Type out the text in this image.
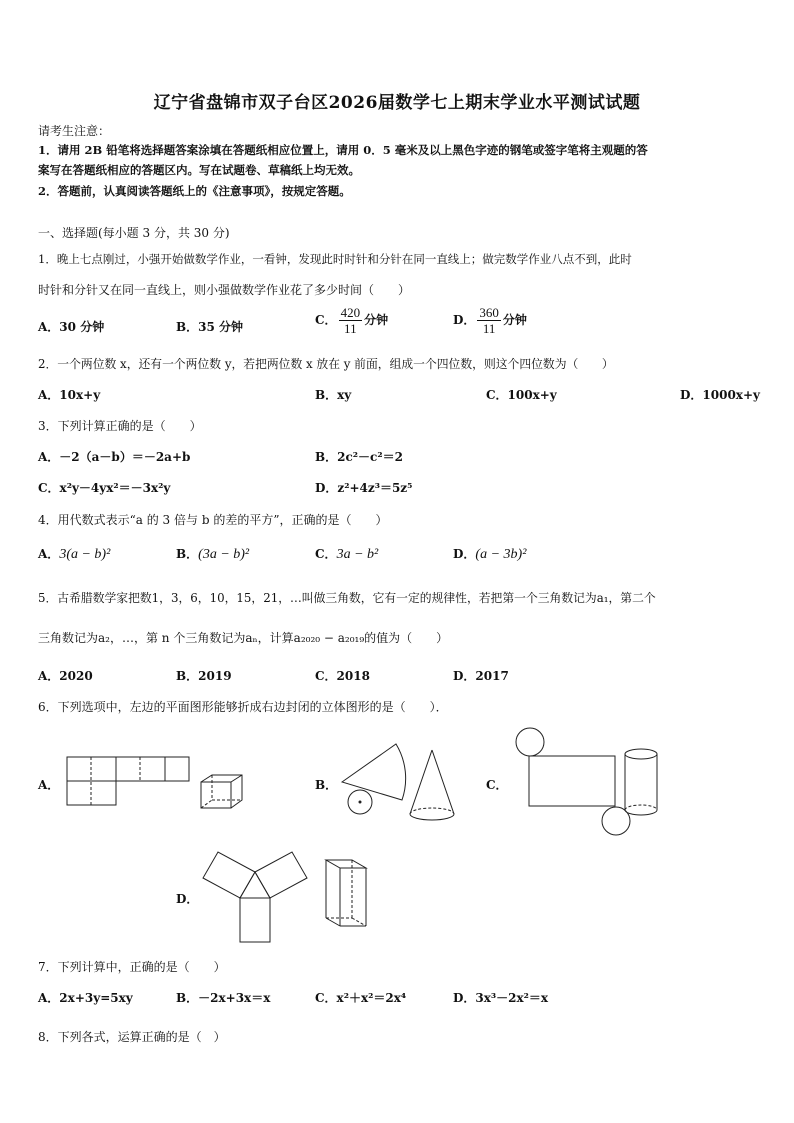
辽宁省盘锦市双子台区2026届数学七上期末学业水平测试试题
请考生注意：
1．请用 2B 铅笔将选择题答案涂填在答题纸相应位置上，请用 0．5 毫米及以上黑色字迹的钢笔或签字笔将主观题的答
案写在答题纸相应的答题区内。写在试题卷、草稿纸上均无效。
2．答题前，认真阅读答题纸上的《注意事项》，按规定答题。
一、选择题(每小题 3 分，共 30 分)
1．晚上七点刚过，小强开始做数学作业，一看钟，发现此时时针和分针在同一直线上；做完数学作业八点不到，此时
时针和分针又在同一直线上，则小强做数学作业花了多少时间（　　）
A．30 分钟	B．35 分钟	C． $\frac{420}{11}$ 分钟	D． $\frac{360}{11}$ 分钟
2．一个两位数 x，还有一个两位数 y，若把两位数 x 放在 y 前面，组成一个四位数，则这个四位数为（　　）
A．10x+y	B．xy	C．100x+y	D．1000x+y
3．下列计算正确的是（　　）
A．－2（a－b）＝－2a+b	B．2c²－c²＝2
C．x²y－4yx²＝－3x²y	D．z²+4z³＝5z⁵
4．用代数式表示“a 的 3 倍与 b 的差的平方”，正确的是（　　）
A．3(a − b)²	B．(3a − b)²	C．3a − b²	D．(a − 3b)²
5．古希腊数学家把数1，3，6，10，15，21，…叫做三角数，它有一定的规律性，若把第一个三角数记为a₁，第二个
三角数记为a₂，…，第 n 个三角数记为aₙ，计算a₂₀₂₀ − a₂₀₁₉的值为（　　）
A．2020	B．2019	C．2018	D．2017
6．下列选项中，左边的平面图形能够折成右边封闭的立体图形的是（　　）．
A．	B．	C．
D．
7．下列计算中，正确的是（　　）
A．2x+3y=5xy	B．－2x+3x＝x	C．x²＋x²＝2x⁴	D．3x³－2x²＝x
8．下列各式，运算正确的是（　）
